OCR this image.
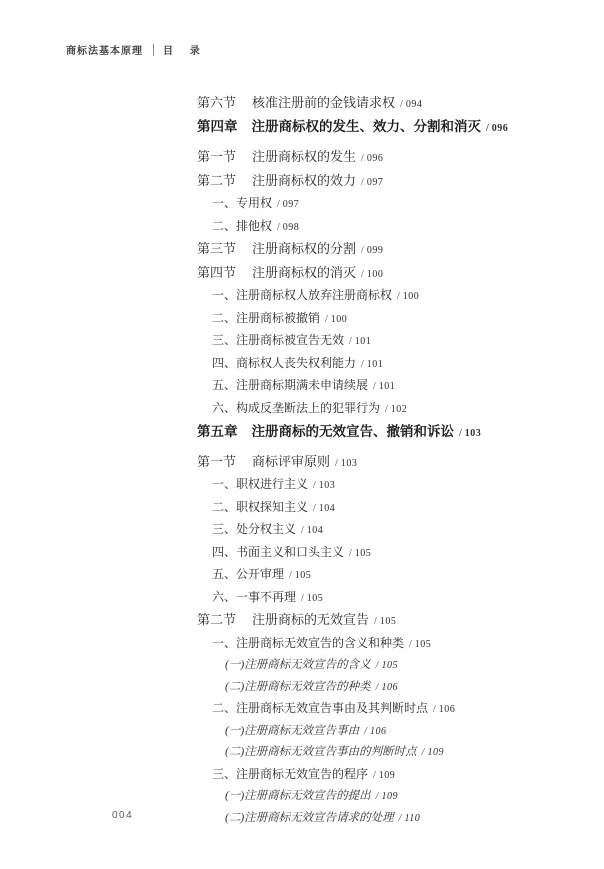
商标法基本原理 目 录
第六节 核准注册前的金钱请求权 / 094
第四章 注册商标权的发生、效力、分割和消灭 / 096
第一节 注册商标权的发生 / 096
第二节 注册商标权的效力 / 097
一、专用权 / 097
二、排他权 / 098
第三节 注册商标权的分割 / 099
第四节 注册商标权的消灭 / 100
一、注册商标权人放弃注册商标权 / 100
二、注册商标被撤销 / 100
三、注册商标被宣告无效 / 101
四、商标权人丧失权利能力 / 101
五、注册商标期满未申请续展 / 101
六、构成反垄断法上的犯罪行为 / 102
第五章 注册商标的无效宣告、撤销和诉讼 / 103
第一节 商标评审原则 / 103
一、职权进行主义 / 103
二、职权探知主义 / 104
三、处分权主义 / 104
四、书面主义和口头主义 / 105
五、公开审理 / 105
六、一事不再理 / 105
第二节 注册商标的无效宣告 / 105
一、注册商标无效宣告的含义和种类 / 105
(一)注册商标无效宣告的含义 / 105
(二)注册商标无效宣告的种类 / 106
二、注册商标无效宣告事由及其判断时点 / 106
(一)注册商标无效宣告事由 / 106
(二)注册商标无效宣告事由的判断时点 / 109
三、注册商标无效宣告的程序 / 109
(一)注册商标无效宣告的提出 / 109
(二)注册商标无效宣告请求的处理 / 110
004
